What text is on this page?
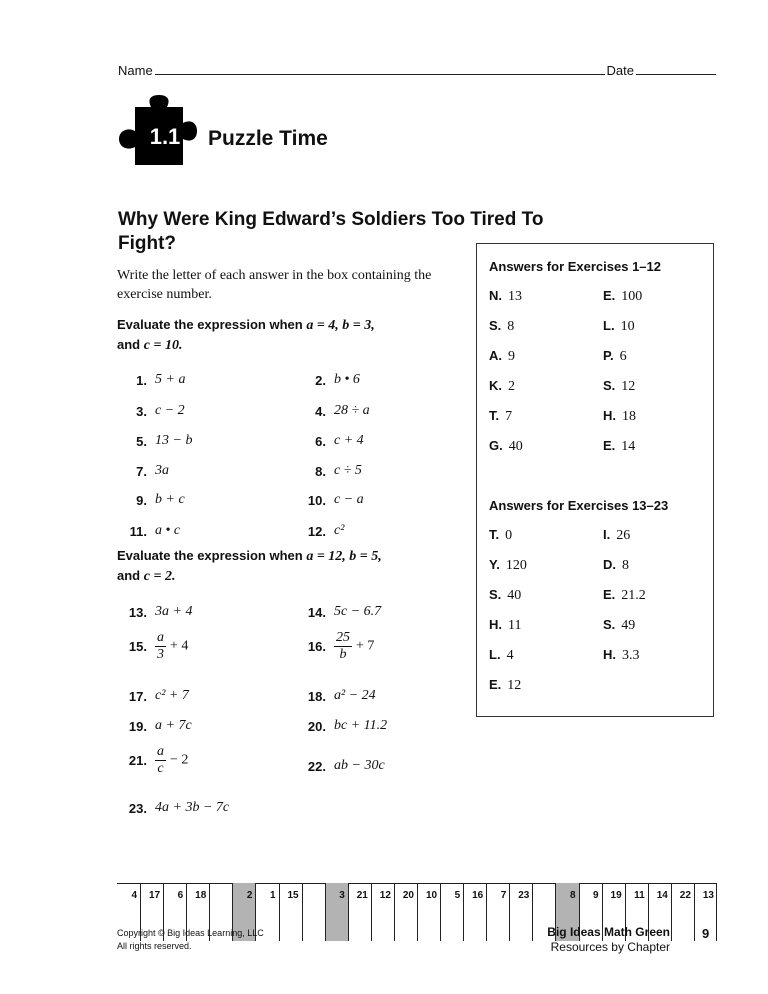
Name	Date
1.1	Puzzle Time
Why Were King Edward’s Soldiers Too Tired To Fight?
Write the letter of each answer in the box containing the exercise number.
Evaluate the expression when a = 4, b = 3,
and c = 10.
Evaluate the expression when a = 12, b = 5,
and c = 2.
1. 5 + a	2. b • 6
3. c − 2	4. 28 ÷ a
5. 13 − b	6. c + 4
7. 3a	8. c ÷ 5
9. b + c	10. c − a
11. a • c	12. c²
13. 3a + 4	14. 5c − 6.7
15. $\frac{a}{3} + 4$	16. $\frac{25}{b} + 7$
17. c² + 7	18. a² − 24
19. a + 7c	20. bc + 11.2
21. $\frac{a}{c} - 2$	22. ab − 30c
23. 4a + 3b − 7c
Answers for Exercises 1–12
Answers for Exercises 13–23
N. 13	E. 100
S. 8	L. 10
A. 9	P. 6
K. 2	S. 12
T. 7	H. 18
G. 40	E. 14
T. 0	I. 26
Y. 120	D. 8
S. 40	E. 21.2
H. 11	S. 49
L. 4	H. 3.3
E. 12
4 17 6 18	2 1 15	3 21 12 20 10 5 16 7 23	8 9 19 11 14 22 13
Copyright © Big Ideas Learning, LLC
All rights reserved.
Big Ideas Math Green
Resources by Chapter
9
